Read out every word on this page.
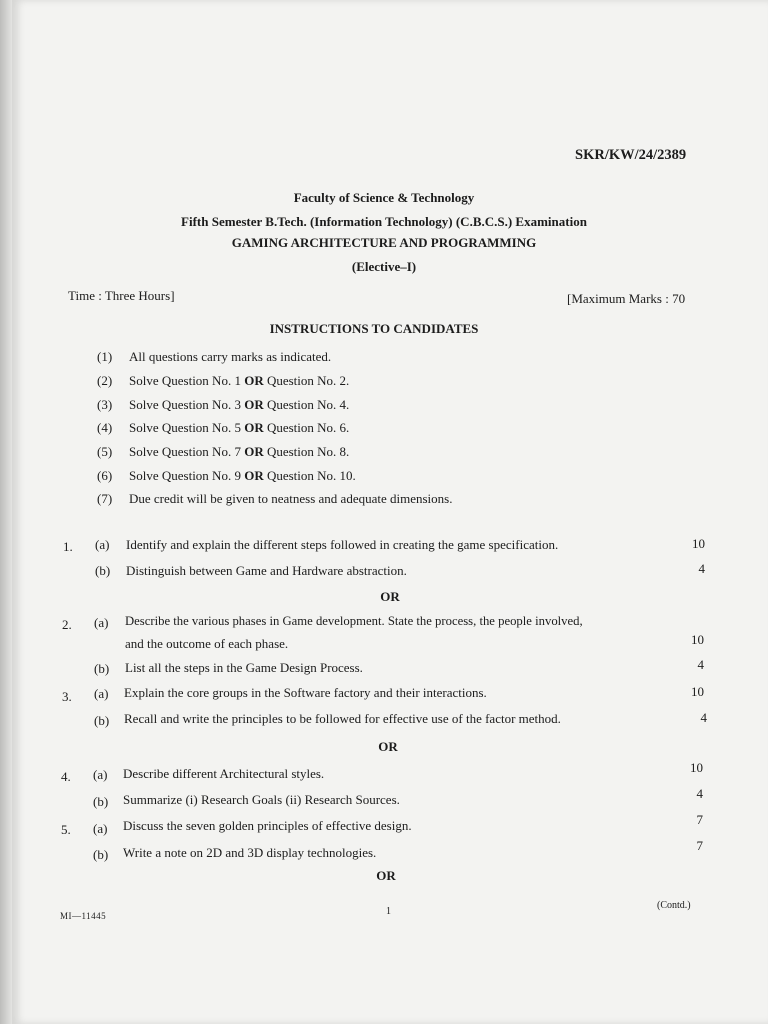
SKR/KW/24/2389
Faculty of Science & Technology
Fifth Semester B.Tech. (Information Technology) (C.B.C.S.) Examination
GAMING ARCHITECTURE AND PROGRAMMING
(Elective–I)
Time : Three Hours]	[Maximum Marks : 70
INSTRUCTIONS TO CANDIDATES
(1) All questions carry marks as indicated.
(2) Solve Question No. 1 OR Question No. 2.
(3) Solve Question No. 3 OR Question No. 4.
(4) Solve Question No. 5 OR Question No. 6.
(5) Solve Question No. 7 OR Question No. 8.
(6) Solve Question No. 9 OR Question No. 10.
(7) Due credit will be given to neatness and adequate dimensions.
1. (a) Identify and explain the different steps followed in creating the game specification.	10
(b) Distinguish between Game and Hardware abstraction.	4
OR
2. (a) Describe the various phases in Game development. State the process, the people involved,
and the outcome of each phase.	10
(b) List all the steps in the Game Design Process.	4
3. (a) Explain the core groups in the Software factory and their interactions.	10
(b) Recall and write the principles to be followed for effective use of the factor method.	4
OR
4. (a) Describe different Architectural styles.	10
(b) Summarize (i) Research Goals (ii) Research Sources.	4
5. (a) Discuss the seven golden principles of effective design.	7
(b) Write a note on 2D and 3D display technologies.	7
OR
MI—11445	1
(Contd.)
